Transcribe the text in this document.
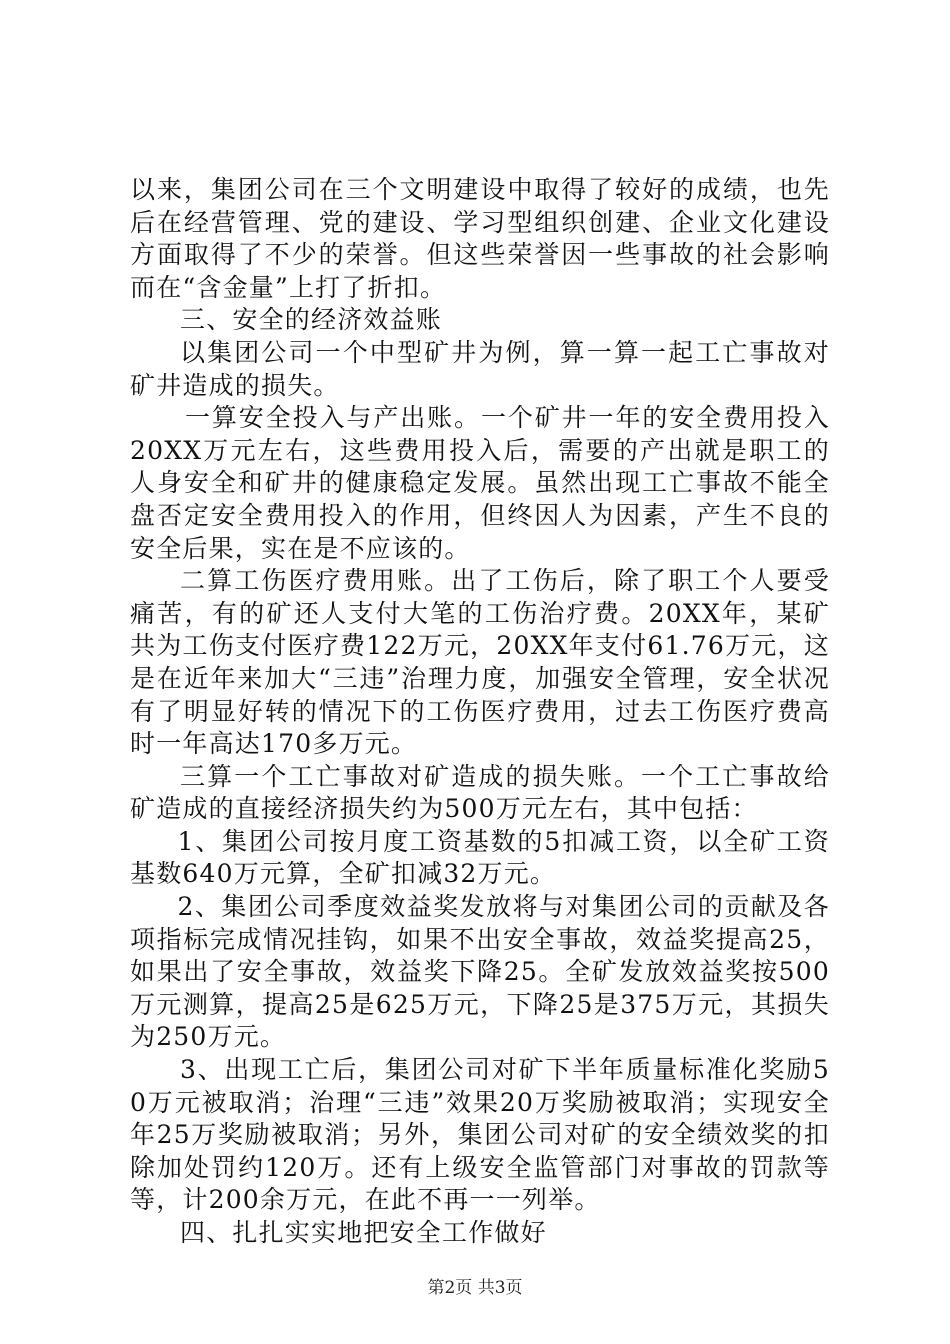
以来，集团公司在三个文明建设中取得了较好的成绩，也先后在经营管理、党的建设、学习型组织创建、企业文化建设方面取得了不少的荣誉。但这些荣誉因一些事故的社会影响而在“含金量”上打了折扣。

三、安全的经济效益账

以集团公司一个中型矿井为例，算一算一起工亡事故对矿井造成的损失。

一算安全投入与产出账。一个矿井一年的安全费用投入20XX万元左右，这些费用投入后，需要的产出就是职工的人身安全和矿井的健康稳定发展。虽然出现工亡事故不能全盘否定安全费用投入的作用，但终因人为因素，产生不良的安全后果，实在是不应该的。

二算工伤医疗费用账。出了工伤后，除了职工个人要受痛苦，有的矿还人支付大笔的工伤治疗费。20XX年，某矿共为工伤支付医疗费122万元，20XX年支付61.76万元，这是在近年来加大“三违”治理力度，加强安全管理，安全状况有了明显好转的情况下的工伤医疗费用，过去工伤医疗费高时一年高达170多万元。

三算一个工亡事故对矿造成的损失账。一个工亡事故给矿造成的直接经济损失约为500万元左右，其中包括：

1、集团公司按月度工资基数的5扣减工资，以全矿工资基数640万元算，全矿扣减32万元。

2、集团公司季度效益奖发放将与对集团公司的贡献及各项指标完成情况挂钩，如果不出安全事故，效益奖提高25，如果出了安全事故，效益奖下降25。全矿发放效益奖按500万元测算，提高25是625万元，下降25是375万元，其损失为250万元。

3、出现工亡后，集团公司对矿下半年质量标准化奖励50万元被取消；治理“三违”效果20万奖励被取消；实现安全年25万奖励被取消；另外，集团公司对矿的安全绩效奖的扣除加处罚约120万。还有上级安全监管部门对事故的罚款等等，计200余万元，在此不再一一列举。

四、扎扎实实地把安全工作做好

第2页 共3页
